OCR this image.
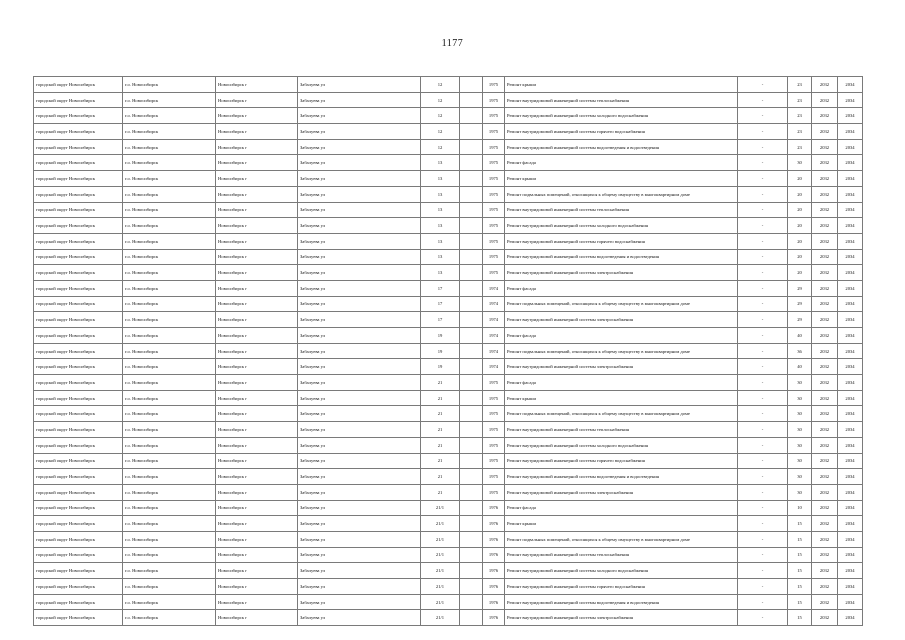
1177
городской округ Новосибирск	г.о. Новосибирск	Новосибирск г	Забалуева ул	12		1975	Ремонт крыши	-	23	2032	2034
городской округ Новосибирск	г.о. Новосибирск	Новосибирск г	Забалуева ул	12		1975	Ремонт внутридомовой инженерной системы теплоснабжения	-	23	2032	2034
городской округ Новосибирск	г.о. Новосибирск	Новосибирск г	Забалуева ул	12		1975	Ремонт внутридомовой инженерной системы холодного водоснабжения	-	23	2032	2034
городской округ Новосибирск	г.о. Новосибирск	Новосибирск г	Забалуева ул	12		1975	Ремонт внутридомовой инженерной системы горячего водоснабжения	-	23	2032	2034
городской округ Новосибирск	г.о. Новосибирск	Новосибирск г	Забалуева ул	12		1975	Ремонт внутридомовой инженерной системы водоотведения и водоотведения	-	23	2032	2034
городской округ Новосибирск	г.о. Новосибирск	Новосибирск г	Забалуева ул	13		1975	Ремонт фасада	-	30	2032	2034
городской округ Новосибирск	г.о. Новосибирск	Новосибирск г	Забалуева ул	13		1975	Ремонт крыши	-	20	2032	2034
городской округ Новосибирск	г.о. Новосибирск	Новосибирск г	Забалуева ул	13		1975	Ремонт подвальных помещений, относящихся к общему имуществу в многоквартирном доме	-	20	2032	2034
городской округ Новосибирск	г.о. Новосибирск	Новосибирск г	Забалуева ул	13		1975	Ремонт внутридомовой инженерной системы теплоснабжения	-	20	2032	2034
городской округ Новосибирск	г.о. Новосибирск	Новосибирск г	Забалуева ул	13		1975	Ремонт внутридомовой инженерной системы холодного водоснабжения	-	20	2032	2034
городской округ Новосибирск	г.о. Новосибирск	Новосибирск г	Забалуева ул	13		1975	Ремонт внутридомовой инженерной системы горячего водоснабжения	-	20	2032	2034
городской округ Новосибирск	г.о. Новосибирск	Новосибирск г	Забалуева ул	13		1975	Ремонт внутридомовой инженерной системы водоотведения и водоотведения	-	20	2032	2034
городской округ Новосибирск	г.о. Новосибирск	Новосибирск г	Забалуева ул	13		1975	Ремонт внутридомовой инженерной системы электроснабжения	-	20	2032	2034
городской округ Новосибирск	г.о. Новосибирск	Новосибирск г	Забалуева ул	17		1974	Ремонт фасада	-	29	2032	2034
городской округ Новосибирск	г.о. Новосибирск	Новосибирск г	Забалуева ул	17		1974	Ремонт подвальных помещений, относящихся к общему имуществу в многоквартирном доме	-	29	2032	2034
городской округ Новосибирск	г.о. Новосибирск	Новосибирск г	Забалуева ул	17		1974	Ремонт внутридомовой инженерной системы электроснабжения	-	29	2032	2034
городской округ Новосибирск	г.о. Новосибирск	Новосибирск г	Забалуева ул	19		1974	Ремонт фасада	-	40	2032	2034
городской округ Новосибирск	г.о. Новосибирск	Новосибирск г	Забалуева ул	19		1974	Ремонт подвальных помещений, относящихся к общему имуществу в многоквартирном доме	-	36	2032	2034
городской округ Новосибирск	г.о. Новосибирск	Новосибирск г	Забалуева ул	19		1974	Ремонт внутридомовой инженерной системы электроснабжения	-	40	2032	2034
городской округ Новосибирск	г.о. Новосибирск	Новосибирск г	Забалуева ул	21		1975	Ремонт фасада	-	30	2032	2034
городской округ Новосибирск	г.о. Новосибирск	Новосибирск г	Забалуева ул	21		1975	Ремонт крыши	-	30	2032	2034
городской округ Новосибирск	г.о. Новосибирск	Новосибирск г	Забалуева ул	21		1975	Ремонт подвальных помещений, относящихся к общему имуществу в многоквартирном доме	-	30	2032	2034
городской округ Новосибирск	г.о. Новосибирск	Новосибирск г	Забалуева ул	21		1975	Ремонт внутридомовой инженерной системы теплоснабжения	-	30	2032	2034
городской округ Новосибирск	г.о. Новосибирск	Новосибирск г	Забалуева ул	21		1975	Ремонт внутридомовой инженерной системы холодного водоснабжения	-	30	2032	2034
городской округ Новосибирск	г.о. Новосибирск	Новосибирск г	Забалуева ул	21		1975	Ремонт внутридомовой инженерной системы горячего водоснабжения	-	30	2032	2034
городской округ Новосибирск	г.о. Новосибирск	Новосибирск г	Забалуева ул	21		1975	Ремонт внутридомовой инженерной системы водоотведения и водоотведения	-	30	2032	2034
городской округ Новосибирск	г.о. Новосибирск	Новосибирск г	Забалуева ул	21		1975	Ремонт внутридомовой инженерной системы электроснабжения	-	30	2032	2034
городской округ Новосибирск	г.о. Новосибирск	Новосибирск г	Забалуева ул	21/1		1976	Ремонт фасада	-	10	2032	2034
городской округ Новосибирск	г.о. Новосибирск	Новосибирск г	Забалуева ул	21/1		1976	Ремонт крыши	-	15	2032	2034
городской округ Новосибирск	г.о. Новосибирск	Новосибирск г	Забалуева ул	21/1		1976	Ремонт подвальных помещений, относящихся к общему имуществу в многоквартирном доме	-	15	2032	2034
городской округ Новосибирск	г.о. Новосибирск	Новосибирск г	Забалуева ул	21/1		1976	Ремонт внутридомовой инженерной системы теплоснабжения	-	15	2032	2034
городской округ Новосибирск	г.о. Новосибирск	Новосибирск г	Забалуева ул	21/1		1976	Ремонт внутридомовой инженерной системы холодного водоснабжения	-	15	2032	2034
городской округ Новосибирск	г.о. Новосибирск	Новосибирск г	Забалуева ул	21/1		1976	Ремонт внутридомовой инженерной системы горячего водоснабжения	-	15	2032	2034
городской округ Новосибирск	г.о. Новосибирск	Новосибирск г	Забалуева ул	21/1		1976	Ремонт внутридомовой инженерной системы водоотведения и водоотведения	-	15	2032	2034
городской округ Новосибирск	г.о. Новосибирск	Новосибирск г	Забалуева ул	21/1		1976	Ремонт внутридомовой инженерной системы электроснабжения	-	15	2032	2034
